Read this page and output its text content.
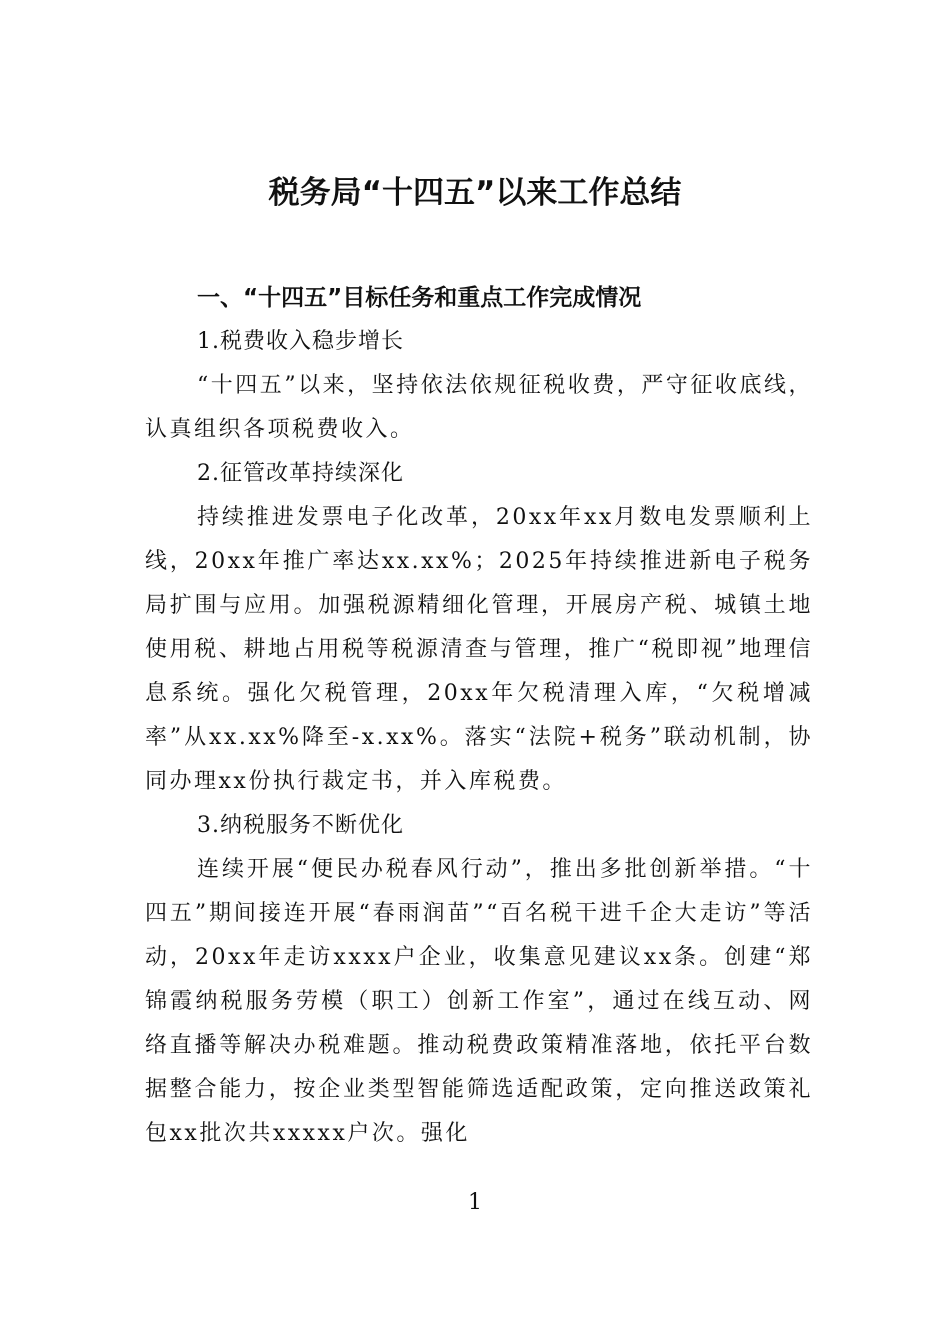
税务局“十四五”以来工作总结

一、“十四五”目标任务和重点工作完成情况

1.税费收入稳步增长

“十四五”以来，坚持依法依规征税收费，严守征收底线，认真组织各项税费收入。

2.征管改革持续深化

持续推进发票电子化改革，20xx年xx月数电发票顺利上线，20xx年推广率达xx.xx%；2025年持续推进新电子税务局扩围与应用。加强税源精细化管理，开展房产税、城镇土地使用税、耕地占用税等税源清查与管理，推广“税即视”地理信息系统。强化欠税管理，20xx年欠税清理入库，“欠税增减率”从xx.xx%降至-x.xx%。落实“法院+税务”联动机制，协同办理xx份执行裁定书，并入库税费。

3.纳税服务不断优化

连续开展“便民办税春风行动”，推出多批创新举措。“十四五”期间接连开展“春雨润苗”“百名税干进千企大走访”等活动，20xx年走访xxxx户企业，收集意见建议xx条。创建“郑锦霞纳税服务劳模（职工）创新工作室”，通过在线互动、网络直播等解决办税难题。推动税费政策精准落地，依托平台数据整合能力，按企业类型智能筛选适配政策，定向推送政策礼包xx批次共xxxxx户次。强化

1
